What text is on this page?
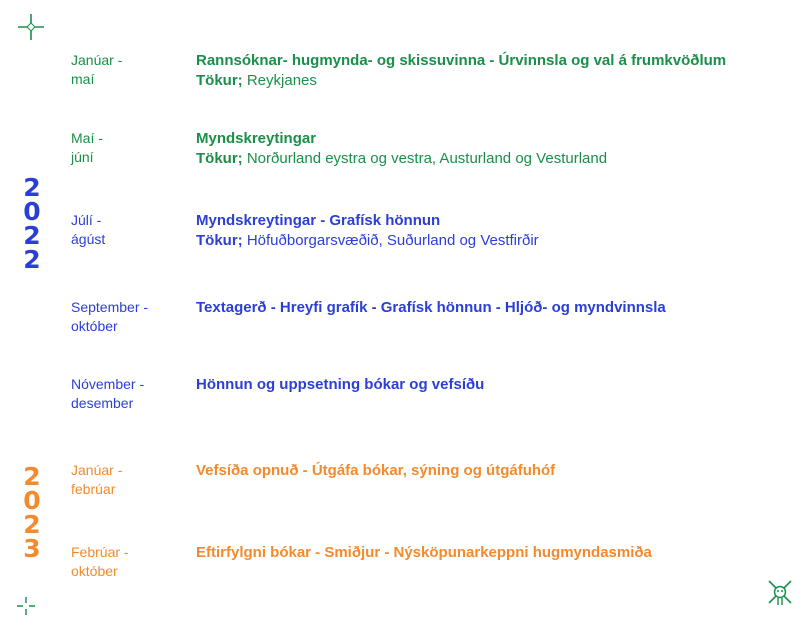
2
0
2
2
2
0
2
3
Janúar -
maí
Rannsóknar- hugmynda- og skissuvinna - Úrvinnsla og val á frumkvöðlum
Tökur; Reykjanes
Maí -
júní
Myndskreytingar
Tökur; Norðurland eystra og vestra, Austurland og Vesturland
Júlí -
ágúst
Myndskreytingar - Grafísk hönnun
Tökur; Höfuðborgarsvæðið, Suðurland og Vestfirðir
September -
október
Textagerð - Hreyfi grafík - Grafísk hönnun - Hljóð- og myndvinnsla
Nóvember -
desember
Hönnun og uppsetning bókar og vefsíðu
Janúar -
febrúar
Vefsíða opnuð - Útgáfa bókar, sýning og útgáfuhóf
Febrúar -
október
Eftirfylgni bókar - Smiðjur - Nýsköpunarkeppni hugmyndasmiða
